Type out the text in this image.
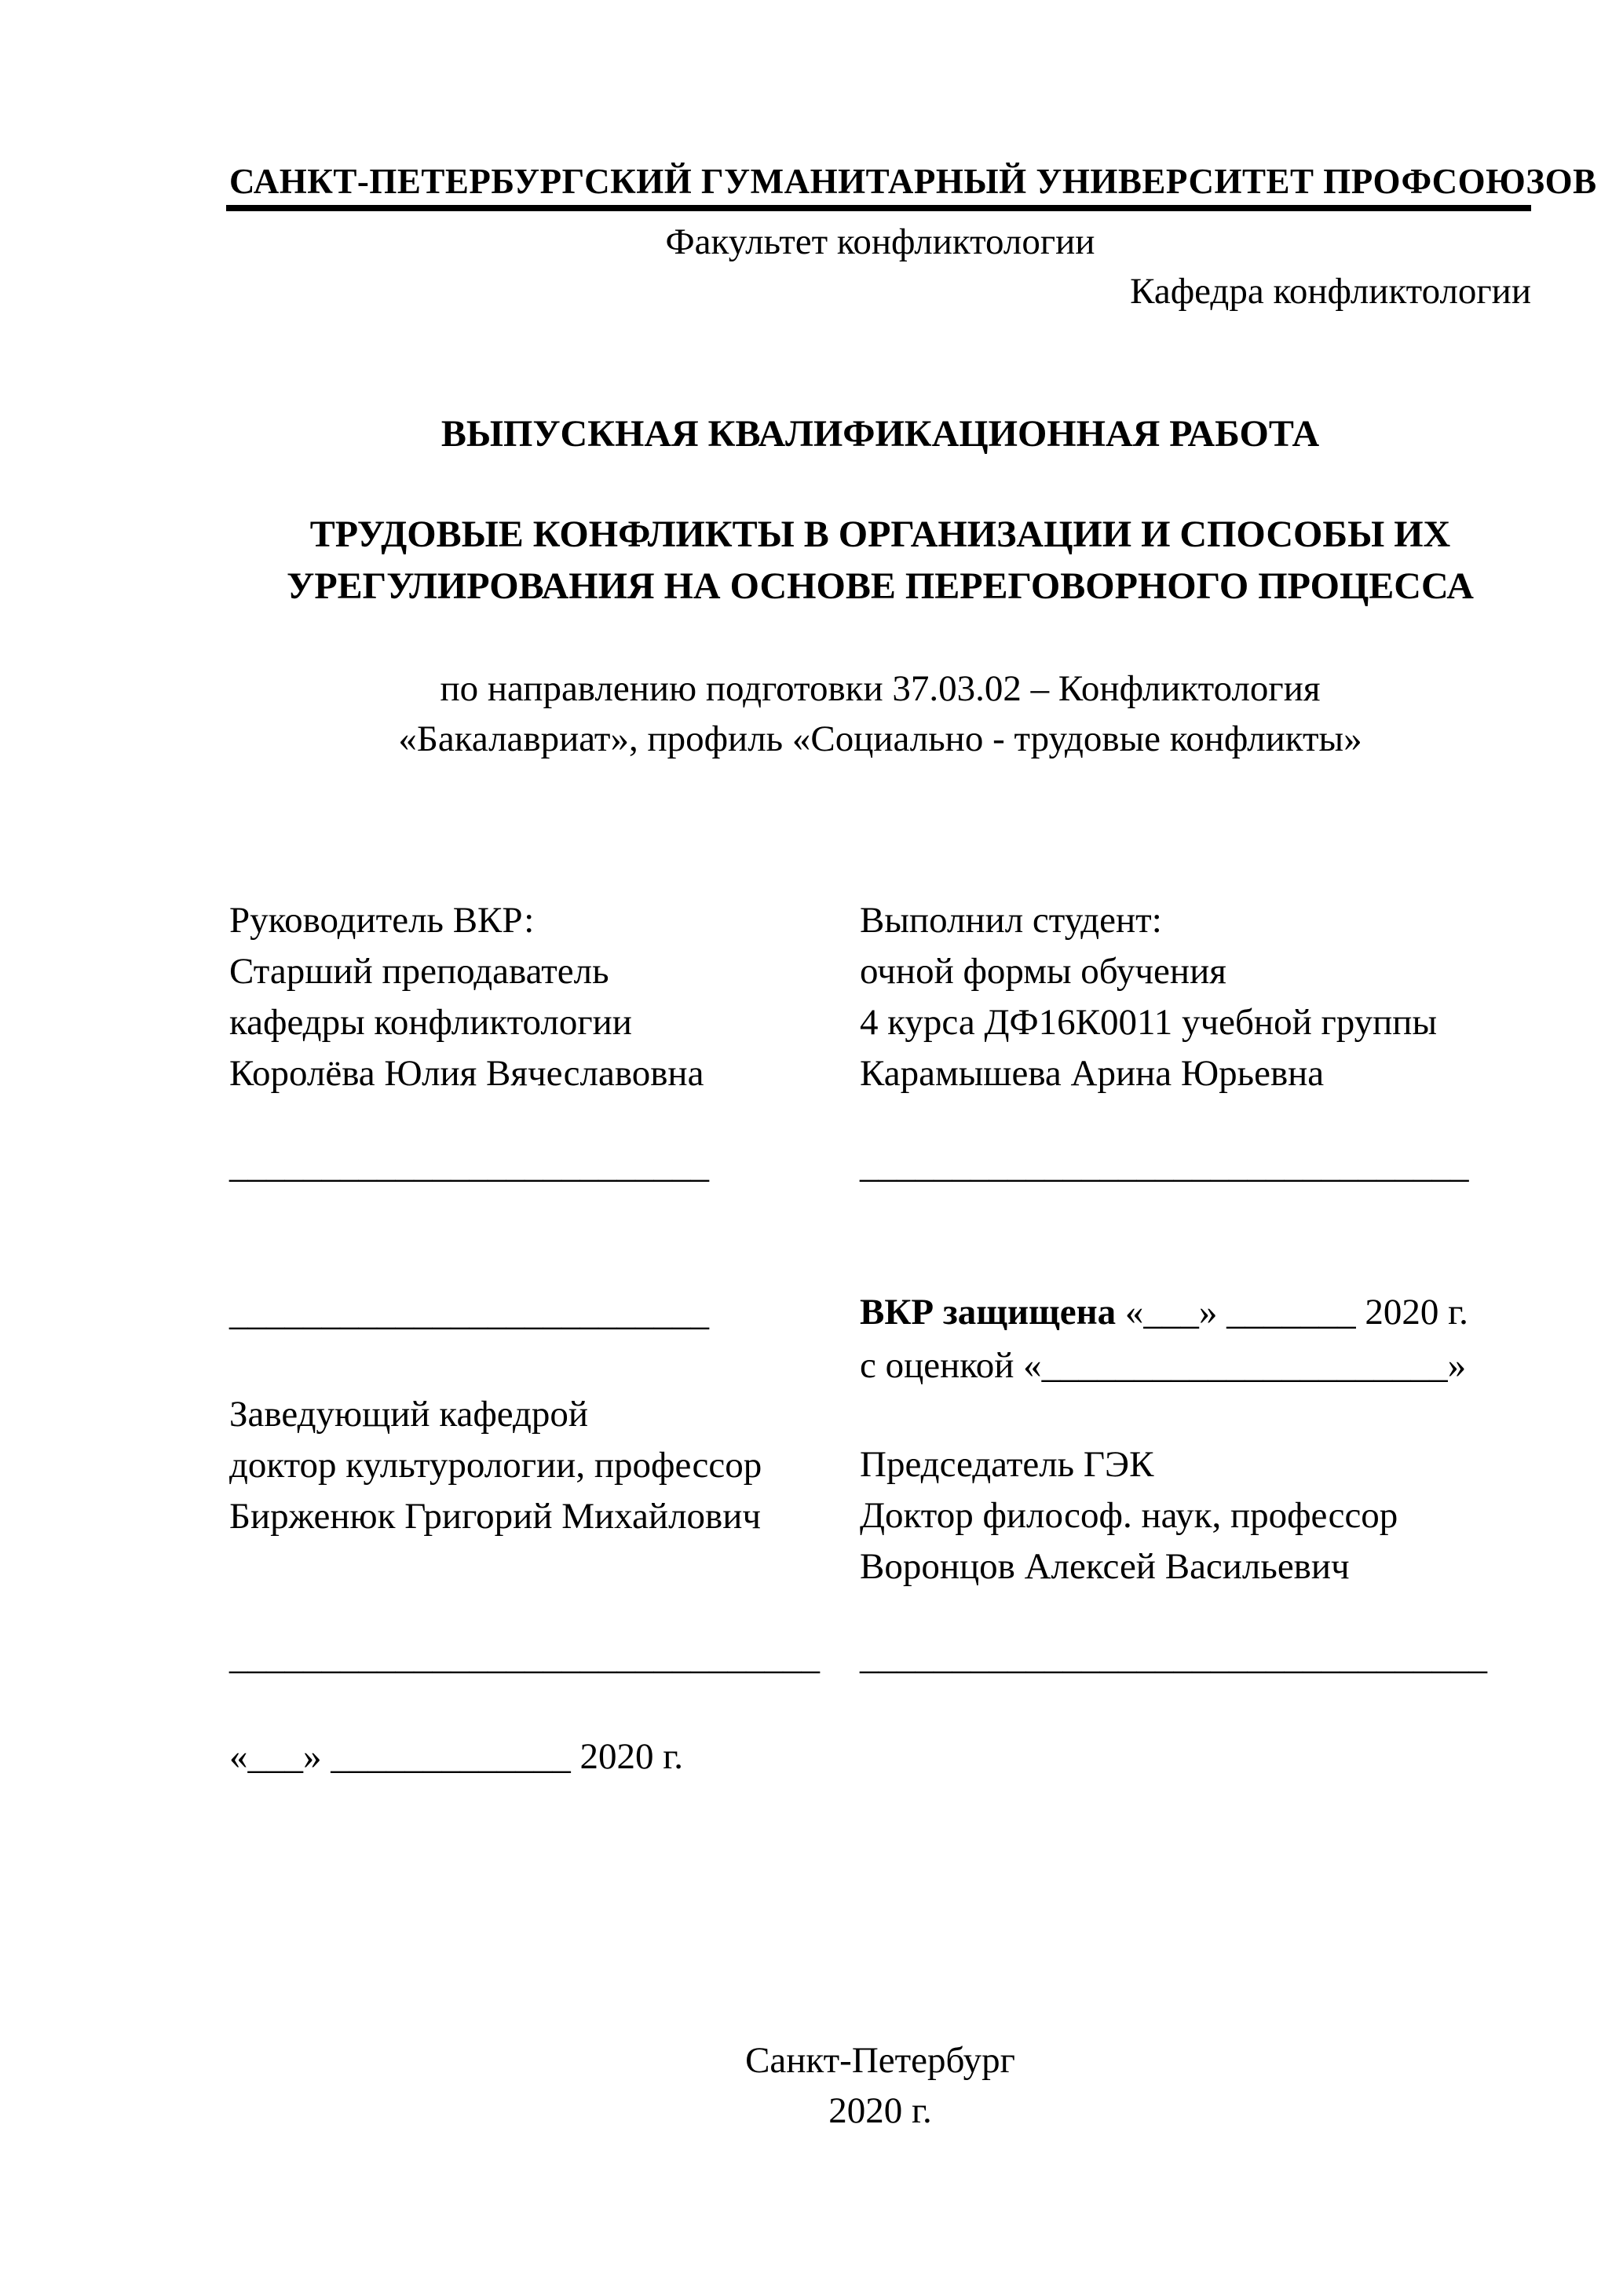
САНКТ-ПЕТЕРБУРГСКИЙ ГУМАНИТАРНЫЙ УНИВЕРСИТЕТ ПРОФСОЮЗОВ
Факультет конфликтологии
Кафедра конфликтологии
ВЫПУСКНАЯ КВАЛИФИКАЦИОННАЯ РАБОТА
ТРУДОВЫЕ КОНФЛИКТЫ В ОРГАНИЗАЦИИ И СПОСОБЫ ИХ
УРЕГУЛИРОВАНИЯ НА ОСНОВЕ ПЕРЕГОВОРНОГО ПРОЦЕССА
по направлению подготовки 37.03.02 – Конфликтология
«Бакалавриат», профиль «Социально - трудовые конфликты»
Руководитель ВКР:
Старший преподаватель
кафедры конфликтологии
Королёва Юлия Вячеславовна
Выполнил студент:
очной формы обучения
4 курса ДФ16К0011 учебной группы
Карамышева Арина Юрьевна
__________________________	_________________________________
__________________________	ВКР защищена «___» _______ 2020 г.
с оценкой «______________________»
Заведующий кафедрой
доктор культурологии, профессор
Бирженюк Григорий Михайлович
Председатель ГЭК
Доктор философ. наук, профессор
Воронцов Алексей Васильевич
________________________________	__________________________________
«___» _____________ 2020 г.
Санкт-Петербург
2020 г.
